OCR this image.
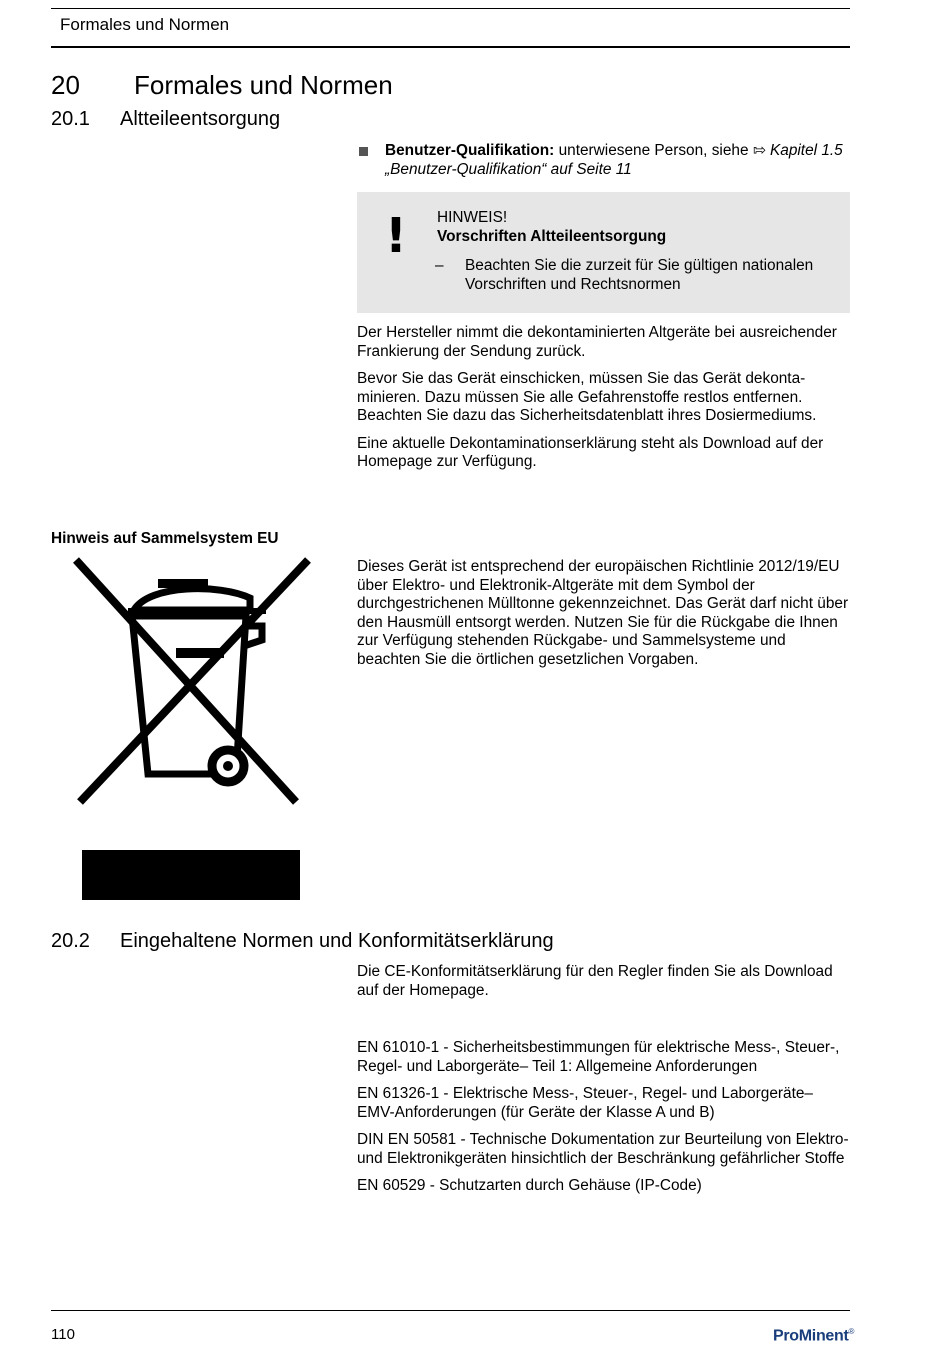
Formales und Normen
20 Formales und Normen
20.1 Altteileentsorgung
Benutzer-Qualifikation: unterwiesene Person, siehe ⇰ Kapitel 1.5 „Benutzer-Qualifikation“ auf Seite 11
! HINWEIS!
Vorschriften Altteileentsorgung
– Beachten Sie die zurzeit für Sie gültigen nationalen Vorschriften und Rechtsnormen

Der Hersteller nimmt die dekontaminierten Altgeräte bei ausreichender Frankierung der Sendung zurück.

Bevor Sie das Gerät einschicken, müssen Sie das Gerät dekontaminieren. Dazu müssen Sie alle Gefahrenstoffe restlos entfernen. Beachten Sie dazu das Sicherheitsdatenblatt ihres Dosiermediums.

Eine aktuelle Dekontaminationserklärung steht als Download auf der Homepage zur Verfügung.

Hinweis auf Sammelsystem EU
Dieses Gerät ist entsprechend der europäischen Richtlinie 2012/19/EU über Elektro- und Elektronik-Altgeräte mit dem Symbol der durchgestrichenen Mülltonne gekennzeichnet. Das Gerät darf nicht über den Hausmüll entsorgt werden. Nutzen Sie für die Rückgabe die Ihnen zur Verfügung stehenden Rückgabe- und Sammelsysteme und beachten Sie die örtlichen gesetzlichen Vorgaben.
20.2 Eingehaltene Normen und Konformitätserklärung
Die CE-Konformitätserklärung für den Regler finden Sie als Download auf der Homepage.

EN 61010-1 - Sicherheitsbestimmungen für elektrische Mess-, Steuer-, Regel- und Laborgeräte– Teil 1: Allgemeine Anforderungen

EN 61326-1 - Elektrische Mess-, Steuer-, Regel- und Laborgeräte– EMV-Anforderungen (für Geräte der Klasse A und B)

DIN EN 50581 - Technische Dokumentation zur Beurteilung von Elektro- und Elektronikgeräten hinsichtlich der Beschränkung gefährlicher Stoffe

EN 60529 - Schutzarten durch Gehäuse (IP-Code)

110	ProMinent®
